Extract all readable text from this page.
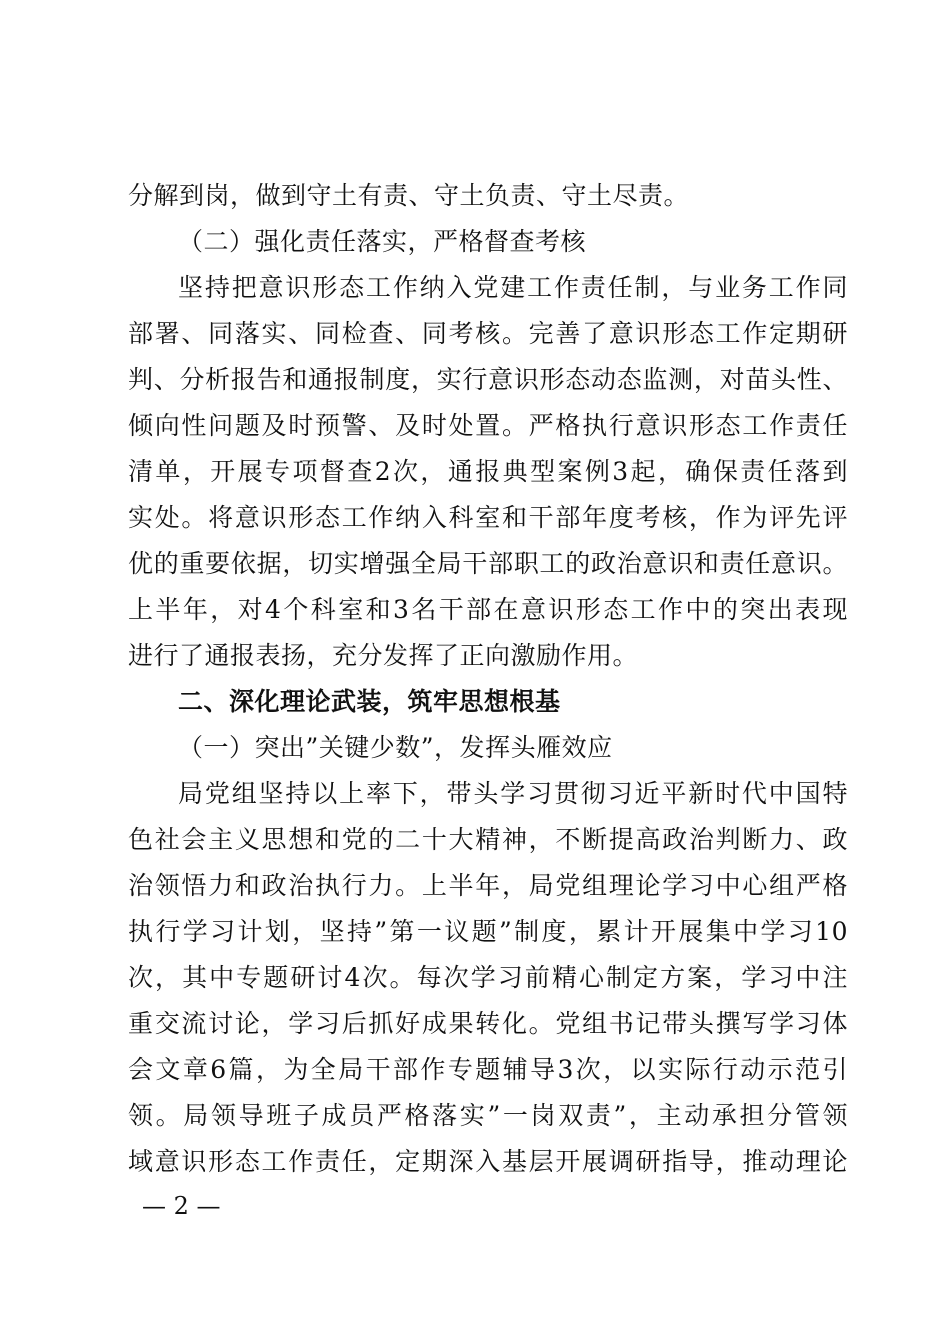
分解到岗，做到守土有责、守土负责、守土尽责。
（二）强化责任落实，严格督查考核
坚持把意识形态工作纳入党建工作责任制，与业务工作同
部署、同落实、同检查、同考核。完善了意识形态工作定期研
判、分析报告和通报制度，实行意识形态动态监测，对苗头性、
倾向性问题及时预警、及时处置。严格执行意识形态工作责任
清单，开展专项督查2次，通报典型案例3起，确保责任落到
实处。将意识形态工作纳入科室和干部年度考核，作为评先评
优的重要依据，切实增强全局干部职工的政治意识和责任意识。
上半年，对4个科室和3名干部在意识形态工作中的突出表现
进行了通报表扬，充分发挥了正向激励作用。
二、深化理论武装，筑牢思想根基
（一）突出”关键少数”，发挥头雁效应
局党组坚持以上率下，带头学习贯彻习近平新时代中国特
色社会主义思想和党的二十大精神，不断提高政治判断力、政
治领悟力和政治执行力。上半年，局党组理论学习中心组严格
执行学习计划，坚持”第一议题”制度，累计开展集中学习10
次，其中专题研讨4次。每次学习前精心制定方案，学习中注
重交流讨论，学习后抓好成果转化。党组书记带头撰写学习体
会文章6篇，为全局干部作专题辅导3次，以实际行动示范引
领。局领导班子成员严格落实”一岗双责”，主动承担分管领
域意识形态工作责任，定期深入基层开展调研指导，推动理论
— 2 —
